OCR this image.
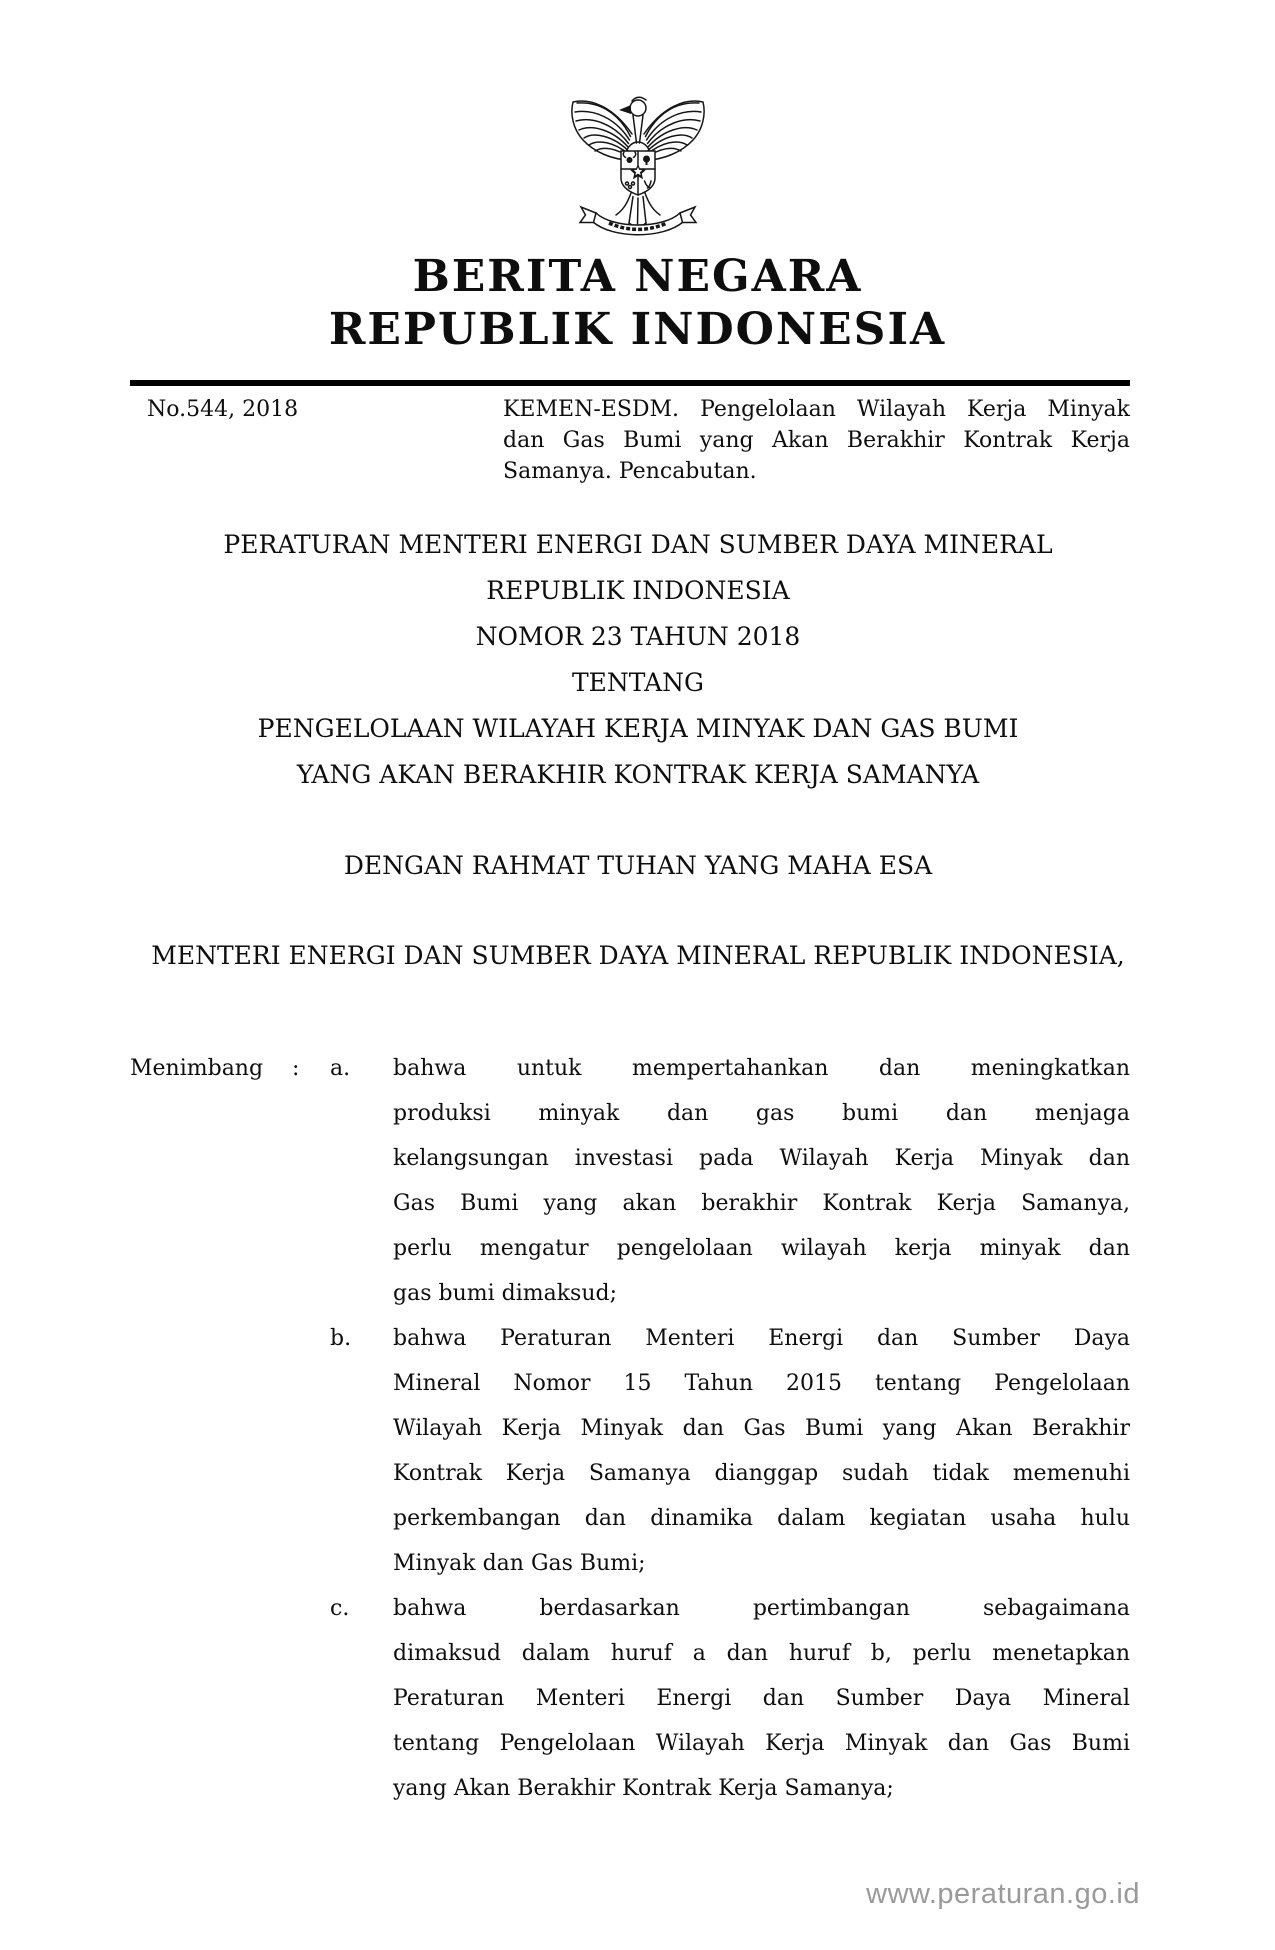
BERITA NEGARA
REPUBLIK INDONESIA
No.544, 2018	KEMEN-ESDM. Pengelolaan Wilayah Kerja Minyak
dan Gas Bumi yang Akan Berakhir Kontrak Kerja
Samanya. Pencabutan.
PERATURAN MENTERI ENERGI DAN SUMBER DAYA MINERAL
REPUBLIK INDONESIA
NOMOR 23 TAHUN 2018
TENTANG
PENGELOLAAN WILAYAH KERJA MINYAK DAN GAS BUMI
YANG AKAN BERAKHIR KONTRAK KERJA SAMANYA
DENGAN RAHMAT TUHAN YANG MAHA ESA
MENTERI ENERGI DAN SUMBER DAYA MINERAL REPUBLIK INDONESIA,
Menimbang : a. bahwa untuk mempertahankan dan meningkatkan
produksi minyak dan gas bumi dan menjaga
kelangsungan investasi pada Wilayah Kerja Minyak dan
Gas Bumi yang akan berakhir Kontrak Kerja Samanya,
perlu mengatur pengelolaan wilayah kerja minyak dan
gas bumi dimaksud;
b. bahwa Peraturan Menteri Energi dan Sumber Daya
Mineral Nomor 15 Tahun 2015 tentang Pengelolaan
Wilayah Kerja Minyak dan Gas Bumi yang Akan Berakhir
Kontrak Kerja Samanya dianggap sudah tidak memenuhi
perkembangan dan dinamika dalam kegiatan usaha hulu
Minyak dan Gas Bumi;
c. bahwa berdasarkan pertimbangan sebagaimana
dimaksud dalam huruf a dan huruf b, perlu menetapkan
Peraturan Menteri Energi dan Sumber Daya Mineral
tentang Pengelolaan Wilayah Kerja Minyak dan Gas Bumi
yang Akan Berakhir Kontrak Kerja Samanya;
www.peraturan.go.id
